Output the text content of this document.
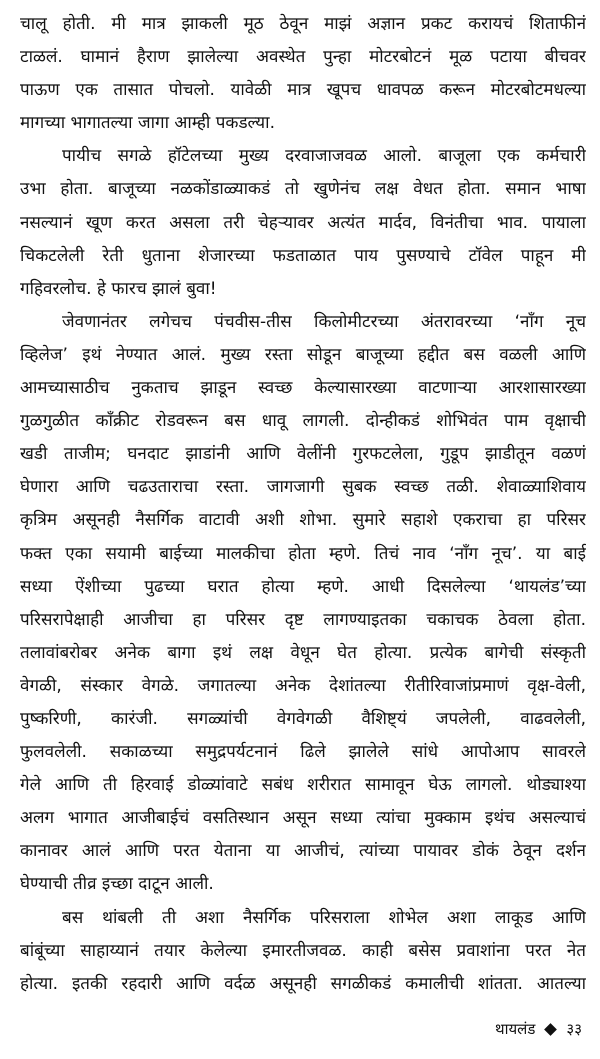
चालू होती. मी मात्र झाकली मूठ ठेवून माझं अज्ञान प्रकट करायचं शिताफीनं
टाळलं. घामानं हैराण झालेल्या अवस्थेत पुन्हा मोटरबोटनं मूळ पटाया बीचवर
पाऊण एक तासात पोचलो. यावेळी मात्र खूपच धावपळ करून मोटरबोटमधल्या
मागच्या भागातल्या जागा आम्ही पकडल्या.
पायीच सगळे हॉटेलच्या मुख्य दरवाजाजवळ आलो. बाजूला एक कर्मचारी
उभा होता. बाजूच्या नळकोंडाळ्याकडं तो खुणेनंच लक्ष वेधत होता. समान भाषा
नसल्यानं खूण करत असला तरी चेहऱ्यावर अत्यंत मार्दव, विनंतीचा भाव. पायाला
चिकटलेली रेती धुताना शेजारच्या फडताळात पाय पुसण्याचे टॉवेल पाहून मी
गहिवरलोच. हे फारच झालं बुवा!
जेवणानंतर लगेचच पंचवीस-तीस किलोमीटरच्या अंतरावरच्या ‘नॉंग नूच
व्हिलेज’ इथं नेण्यात आलं. मुख्य रस्ता सोडून बाजूच्या हद्दीत बस वळली आणि
आमच्यासाठीच नुकताच झाडून स्वच्छ केल्यासारख्या वाटणाऱ्या आरशासारख्या
गुळगुळीत कॉंक्रीट रोडवरून बस धावू लागली. दोन्हीकडं शोभिवंत पाम वृक्षाची
खडी ताजीम; घनदाट झाडांनी आणि वेलींनी गुरफटलेला, गुडूप झाडीतून वळणं
घेणारा आणि चढउताराचा रस्ता. जागजागी सुबक स्वच्छ तळी. शेवाळ्याशिवाय
कृत्रिम असूनही नैसर्गिक वाटावी अशी शोभा. सुमारे सहाशे एकराचा हा परिसर
फक्त एका सयामी बाईच्या मालकीचा होता म्हणे. तिचं नाव ‘नॉंग नूच’. या बाई
सध्या ऐंशीच्या पुढच्या घरात होत्या म्हणे. आधी दिसलेल्या ‘थायलंड’च्या
परिसरापेक्षाही आजीचा हा परिसर दृष्ट लागण्याइतका चकाचक ठेवला होता.
तलावांबरोबर अनेक बागा इथं लक्ष वेधून घेत होत्या. प्रत्येक बागेची संस्कृती
वेगळी, संस्कार वेगळे. जगातल्या अनेक देशांतल्या रीतीरिवाजांप्रमाणं वृक्ष-वेली,
पुष्करिणी, कारंजी. सगळ्यांची वेगवेगळी वैशिष्ट्यं जपलेली, वाढवलेली,
फुलवलेली. सकाळच्या समुद्रपर्यटनानं ढिले झालेले सांधे आपोआप सावरले
गेले आणि ती हिरवाई डोळ्यांवाटे सबंध शरीरात सामावून घेऊ लागलो. थोड्याश्या
अलग भागात आजीबाईचं वसतिस्थान असून सध्या त्यांचा मुक्काम इथंच असल्याचं
कानावर आलं आणि परत येताना या आजीचं, त्यांच्या पायावर डोकं ठेवून दर्शन
घेण्याची तीव्र इच्छा दाटून आली.
बस थांबली ती अशा नैसर्गिक परिसराला शोभेल अशा लाकूड आणि
बांबूंच्या साहाय्यानं तयार केलेल्या इमारतीजवळ. काही बसेस प्रवाशांना परत नेत
होत्या. इतकी रहदारी आणि वर्दळ असूनही सगळीकडं कमालीची शांतता. आतल्या
थायलंड ३३
